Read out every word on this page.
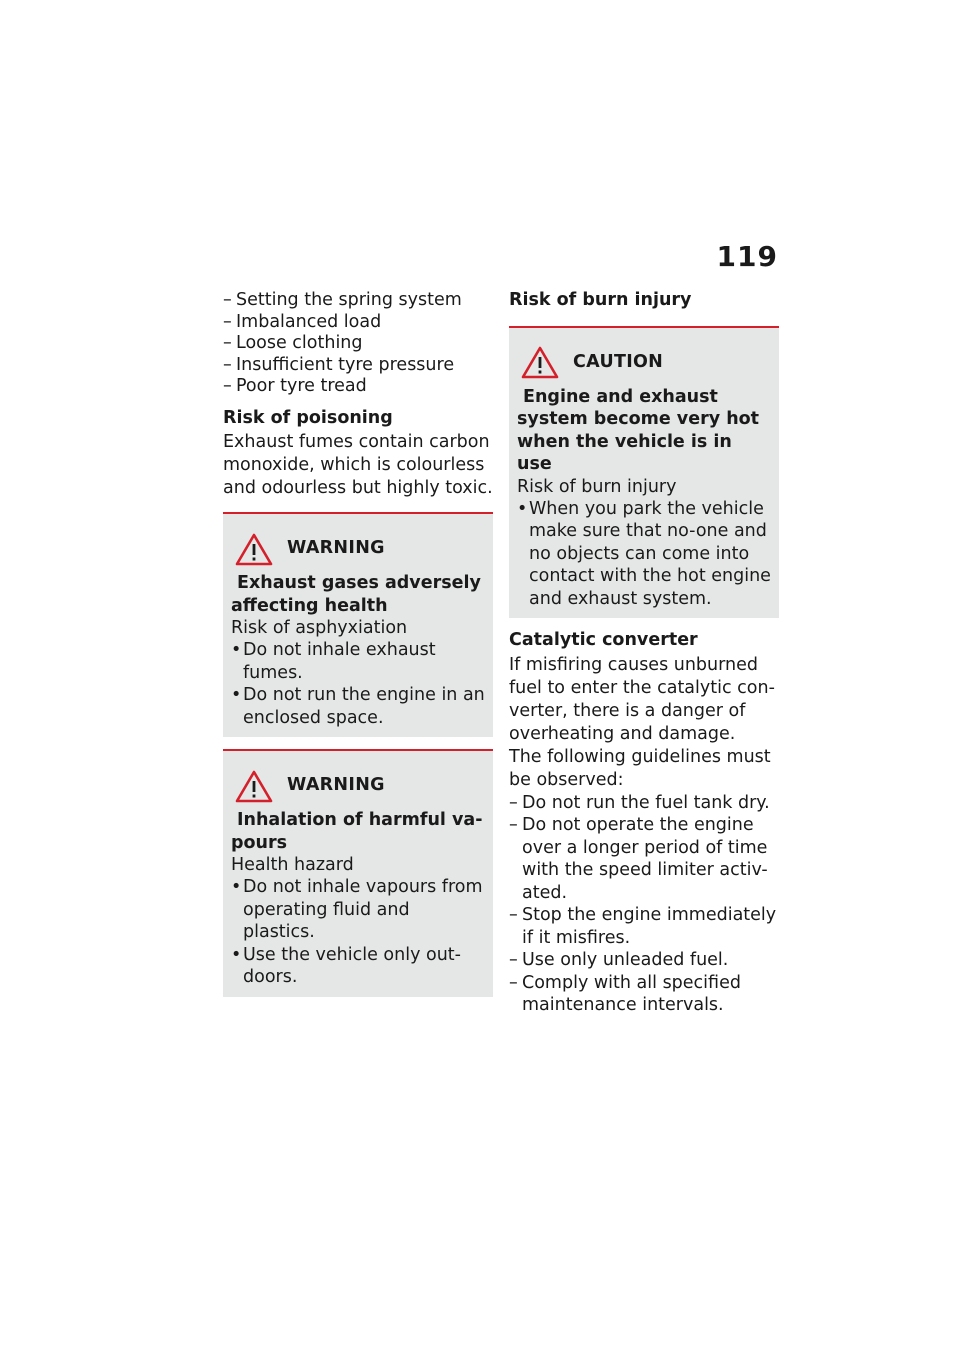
119
– Setting the spring system
– Imbalanced load
– Loose clothing
– Insufficient tyre pressure
– Poor tyre tread
Risk of poisoning

Exhaust fumes contain carbon monoxide, which is colourless and odourless but highly toxic.

WARNING
Exhaust gases adversely affecting health
Risk of asphyxiation
• Do not inhale exhaust fumes.
• Do not run the engine in an enclosed space.
WARNING
Inhalation of harmful va-pours
Health hazard
• Do not inhale vapours from operating fluid and plastics.
• Use the vehicle only out-doors.
Risk of burn injury
CAUTION
Engine and exhaust system become very hot when the vehicle is in use
Risk of burn injury
• When you park the vehicle make sure that no-one and no objects can come into contact with the hot engine and exhaust system.
Catalytic converter

If misfiring causes unburned fuel to enter the catalytic con-verter, there is a danger of overheating and damage.

The following guidelines must be observed:

– Do not run the fuel tank dry.
– Do not operate the engine over a longer period of time with the speed limiter activ-ated.
– Stop the engine immediately if it misfires.
– Use only unleaded fuel.
– Comply with all specified maintenance intervals.
